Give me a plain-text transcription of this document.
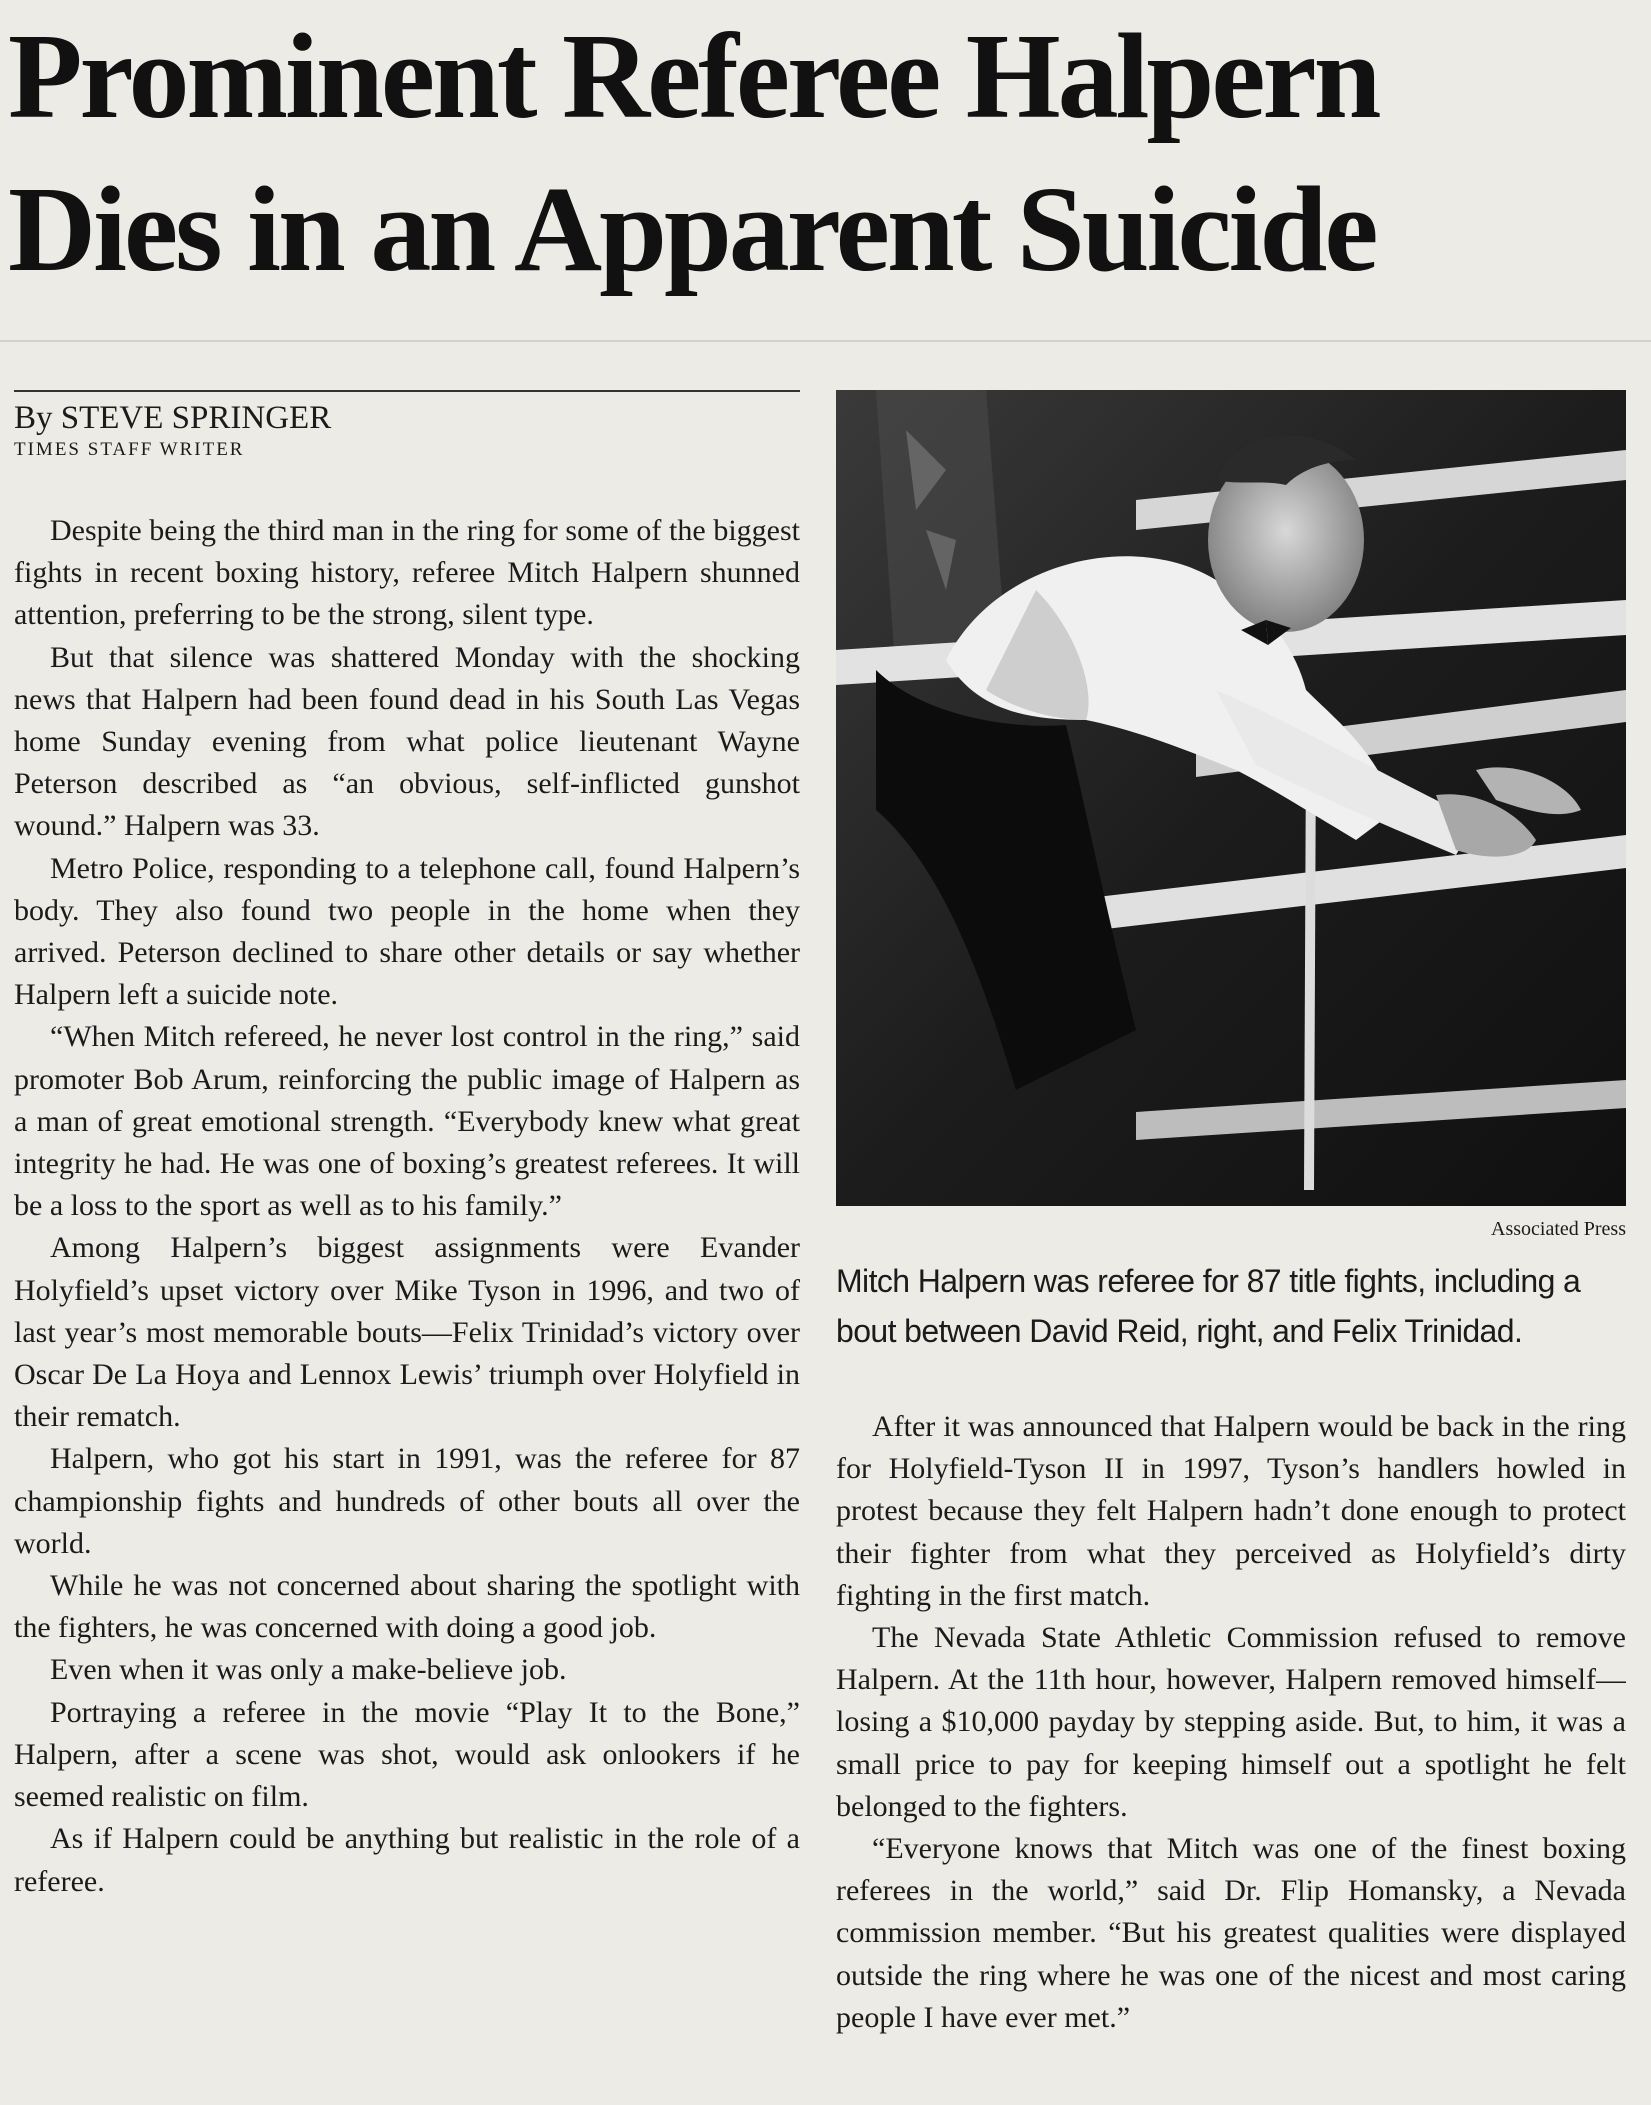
Prominent Referee Halpern
Dies in an Apparent Suicide
By STEVE SPRINGER
TIMES STAFF WRITER

Despite being the third man in the ring for some of the biggest fights in recent boxing history, referee Mitch Halpern shunned attention, preferring to be the strong, silent type.

But that silence was shattered Monday with the shocking news that Halpern had been found dead in his South Las Vegas home Sunday evening from what police lieutenant Wayne Peterson described as “an obvious, self-inflicted gunshot wound.” Halpern was 33.

Metro Police, responding to a telephone call, found Halpern’s body. They also found two people in the home when they arrived. Peterson declined to share other details or say whether Halpern left a suicide note.

“When Mitch refereed, he never lost control in the ring,” said promoter Bob Arum, reinforcing the public image of Halpern as a man of great emotional strength. “Everybody knew what great integrity he had. He was one of boxing’s greatest referees. It will be a loss to the sport as well as to his family.”

Among Halpern’s biggest assignments were Evander Holyfield’s upset victory over Mike Tyson in 1996, and two of last year’s most memorable bouts—Felix Trinidad’s victory over Oscar De La Hoya and Lennox Lewis’ triumph over Holyfield in their rematch.

Halpern, who got his start in 1991, was the referee for 87 championship fights and hundreds of other bouts all over the world.

While he was not concerned about sharing the spotlight with the fighters, he was concerned with doing a good job.

Even when it was only a make-believe job.

Portraying a referee in the movie “Play It to the Bone,” Halpern, after a scene was shot, would ask onlookers if he seemed realistic on film.

As if Halpern could be anything but realistic in the role of a referee.

Associated Press

Mitch Halpern was referee for 87 title fights, including a bout between David Reid, right, and Felix Trinidad.

After it was announced that Halpern would be back in the ring for Holyfield-Tyson II in 1997, Tyson’s handlers howled in protest because they felt Halpern hadn’t done enough to protect their fighter from what they perceived as Holyfield’s dirty fighting in the first match.

The Nevada State Athletic Commission refused to remove Halpern. At the 11th hour, however, Halpern removed himself—losing a $10,000 payday by stepping aside. But, to him, it was a small price to pay for keeping himself out a spotlight he felt belonged to the fighters.

“Everyone knows that Mitch was one of the finest boxing referees in the world,” said Dr. Flip Homansky, a Nevada commission member. “But his greatest qualities were displayed outside the ring where he was one of the nicest and most caring people I have ever met.”
